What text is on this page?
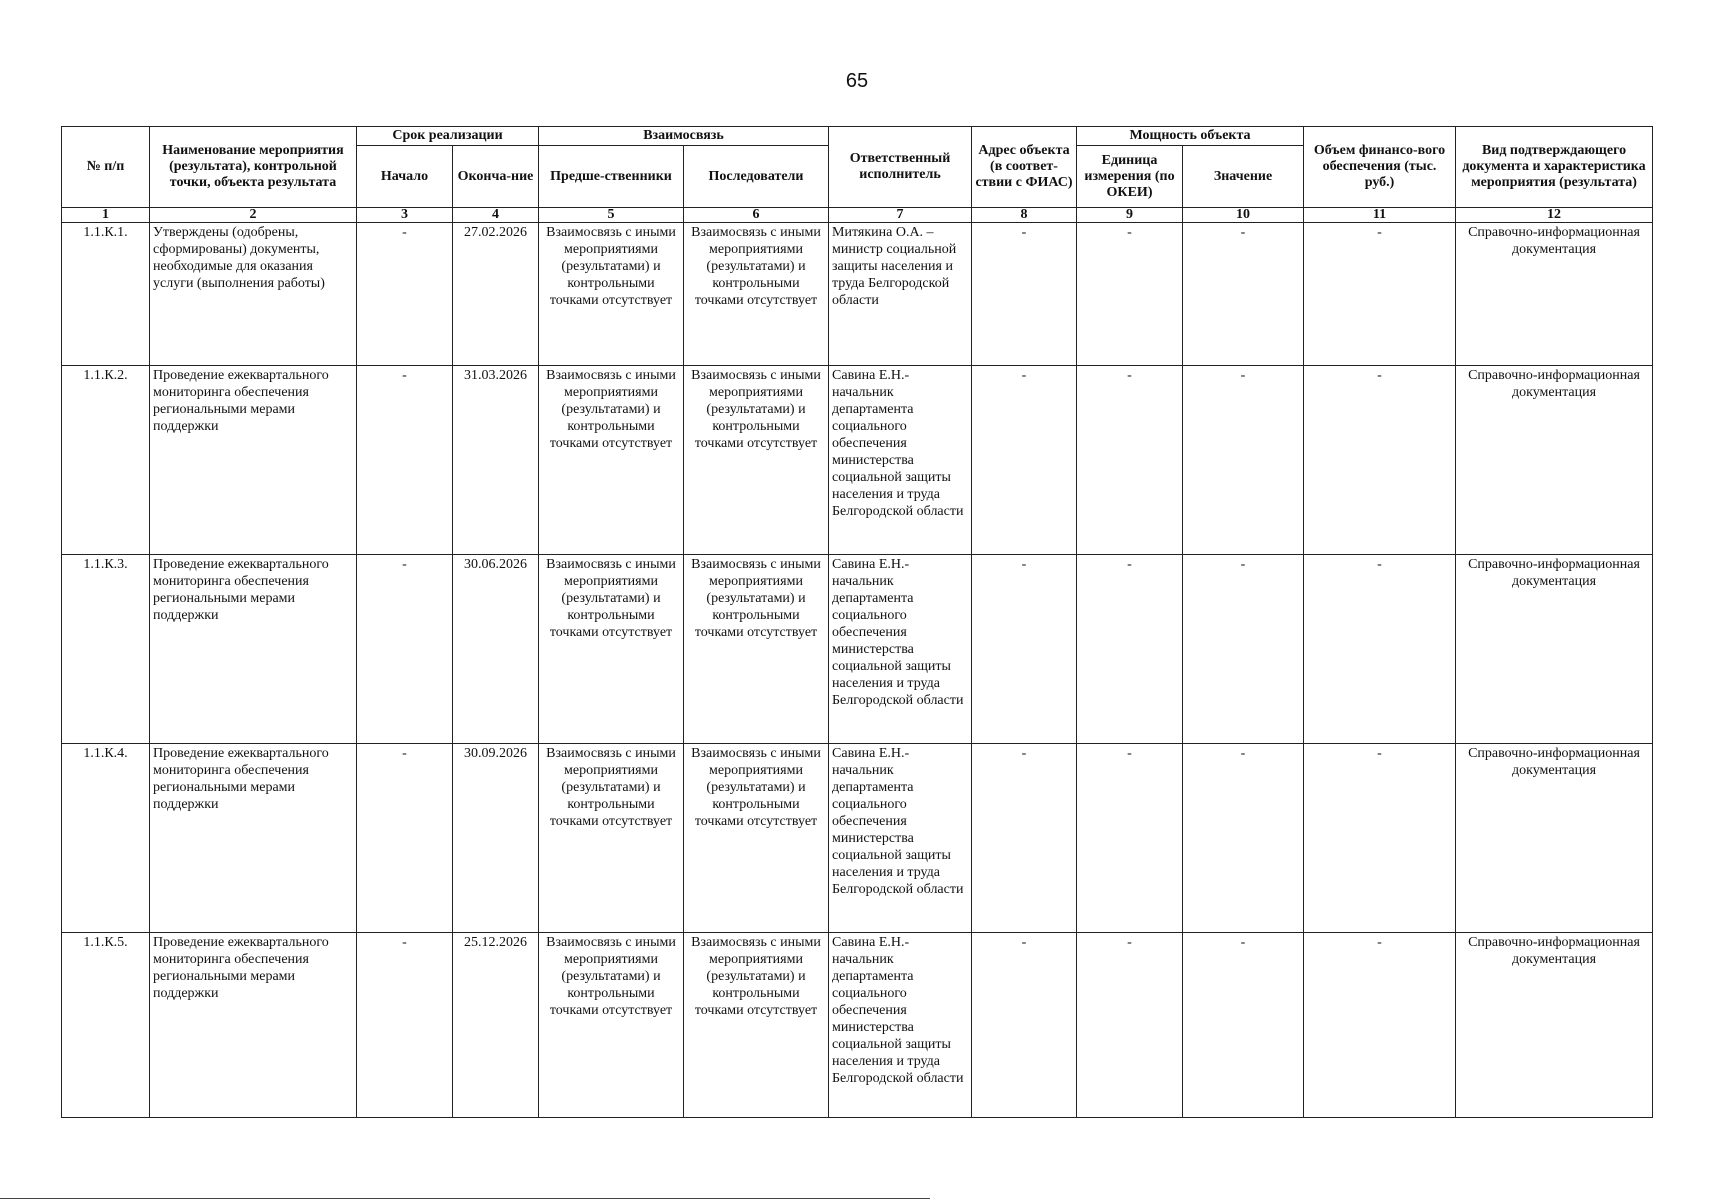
65
№ п/п	Наименование мероприятия (результата), контрольной точки, объекта результата	Срок реализации		Взаимосвязь		Ответственный исполнитель	Адрес объекта (в соответ-ствии с ФИАС)	Мощность объекта		Объем финансо-вого обеспечения (тыс. руб.)	Вид подтверждающего документа и характеристика мероприятия (результата)
		Начало	Оконча-ние	Предше-ственники	Последователи			Единица измерения (по ОКЕИ)	Значение		
1	2	3	4	5	6	7	8	9	10	11	12
1.1.К.1.	Утверждены (одобрены, сформированы) документы, необходимые для оказания услуги (выполнения работы)	-	27.02.2026	Взаимосвязь с иными мероприятиями (результатами) и контрольными точками отсутствует	Взаимосвязь с иными мероприятиями (результатами) и контрольными точками отсутствует	Митякина О.А. – министр социальной защиты населения и труда Белгородской области	-	-	-	-	Справочно-информационная документация
1.1.К.2.	Проведение ежеквартального мониторинга обеспечения региональными мерами поддержки	-	31.03.2026	Взаимосвязь с иными мероприятиями (результатами) и контрольными точками отсутствует	Взаимосвязь с иными мероприятиями (результатами) и контрольными точками отсутствует	Савина Е.Н.- начальник департамента социального обеспечения министерства социальной защиты населения и труда Белгородской области	-	-	-	-	Справочно-информационная документация
1.1.К.3.	Проведение ежеквартального мониторинга обеспечения региональными мерами поддержки	-	30.06.2026	Взаимосвязь с иными мероприятиями (результатами) и контрольными точками отсутствует	Взаимосвязь с иными мероприятиями (результатами) и контрольными точками отсутствует	Савина Е.Н.- начальник департамента социального обеспечения министерства социальной защиты населения и труда Белгородской области	-	-	-	-	Справочно-информационная документация
1.1.К.4.	Проведение ежеквартального мониторинга обеспечения региональными мерами поддержки	-	30.09.2026	Взаимосвязь с иными мероприятиями (результатами) и контрольными точками отсутствует	Взаимосвязь с иными мероприятиями (результатами) и контрольными точками отсутствует	Савина Е.Н.- начальник департамента социального обеспечения министерства социальной защиты населения и труда Белгородской области	-	-	-	-	Справочно-информационная документация
1.1.К.5.	Проведение ежеквартального мониторинга обеспечения региональными мерами поддержки	-	25.12.2026	Взаимосвязь с иными мероприятиями (результатами) и контрольными точками отсутствует	Взаимосвязь с иными мероприятиями (результатами) и контрольными точками отсутствует	Савина Е.Н.- начальник департамента социального обеспечения министерства социальной защиты населения и труда Белгородской области	-	-	-	-	Справочно-информационная документация
